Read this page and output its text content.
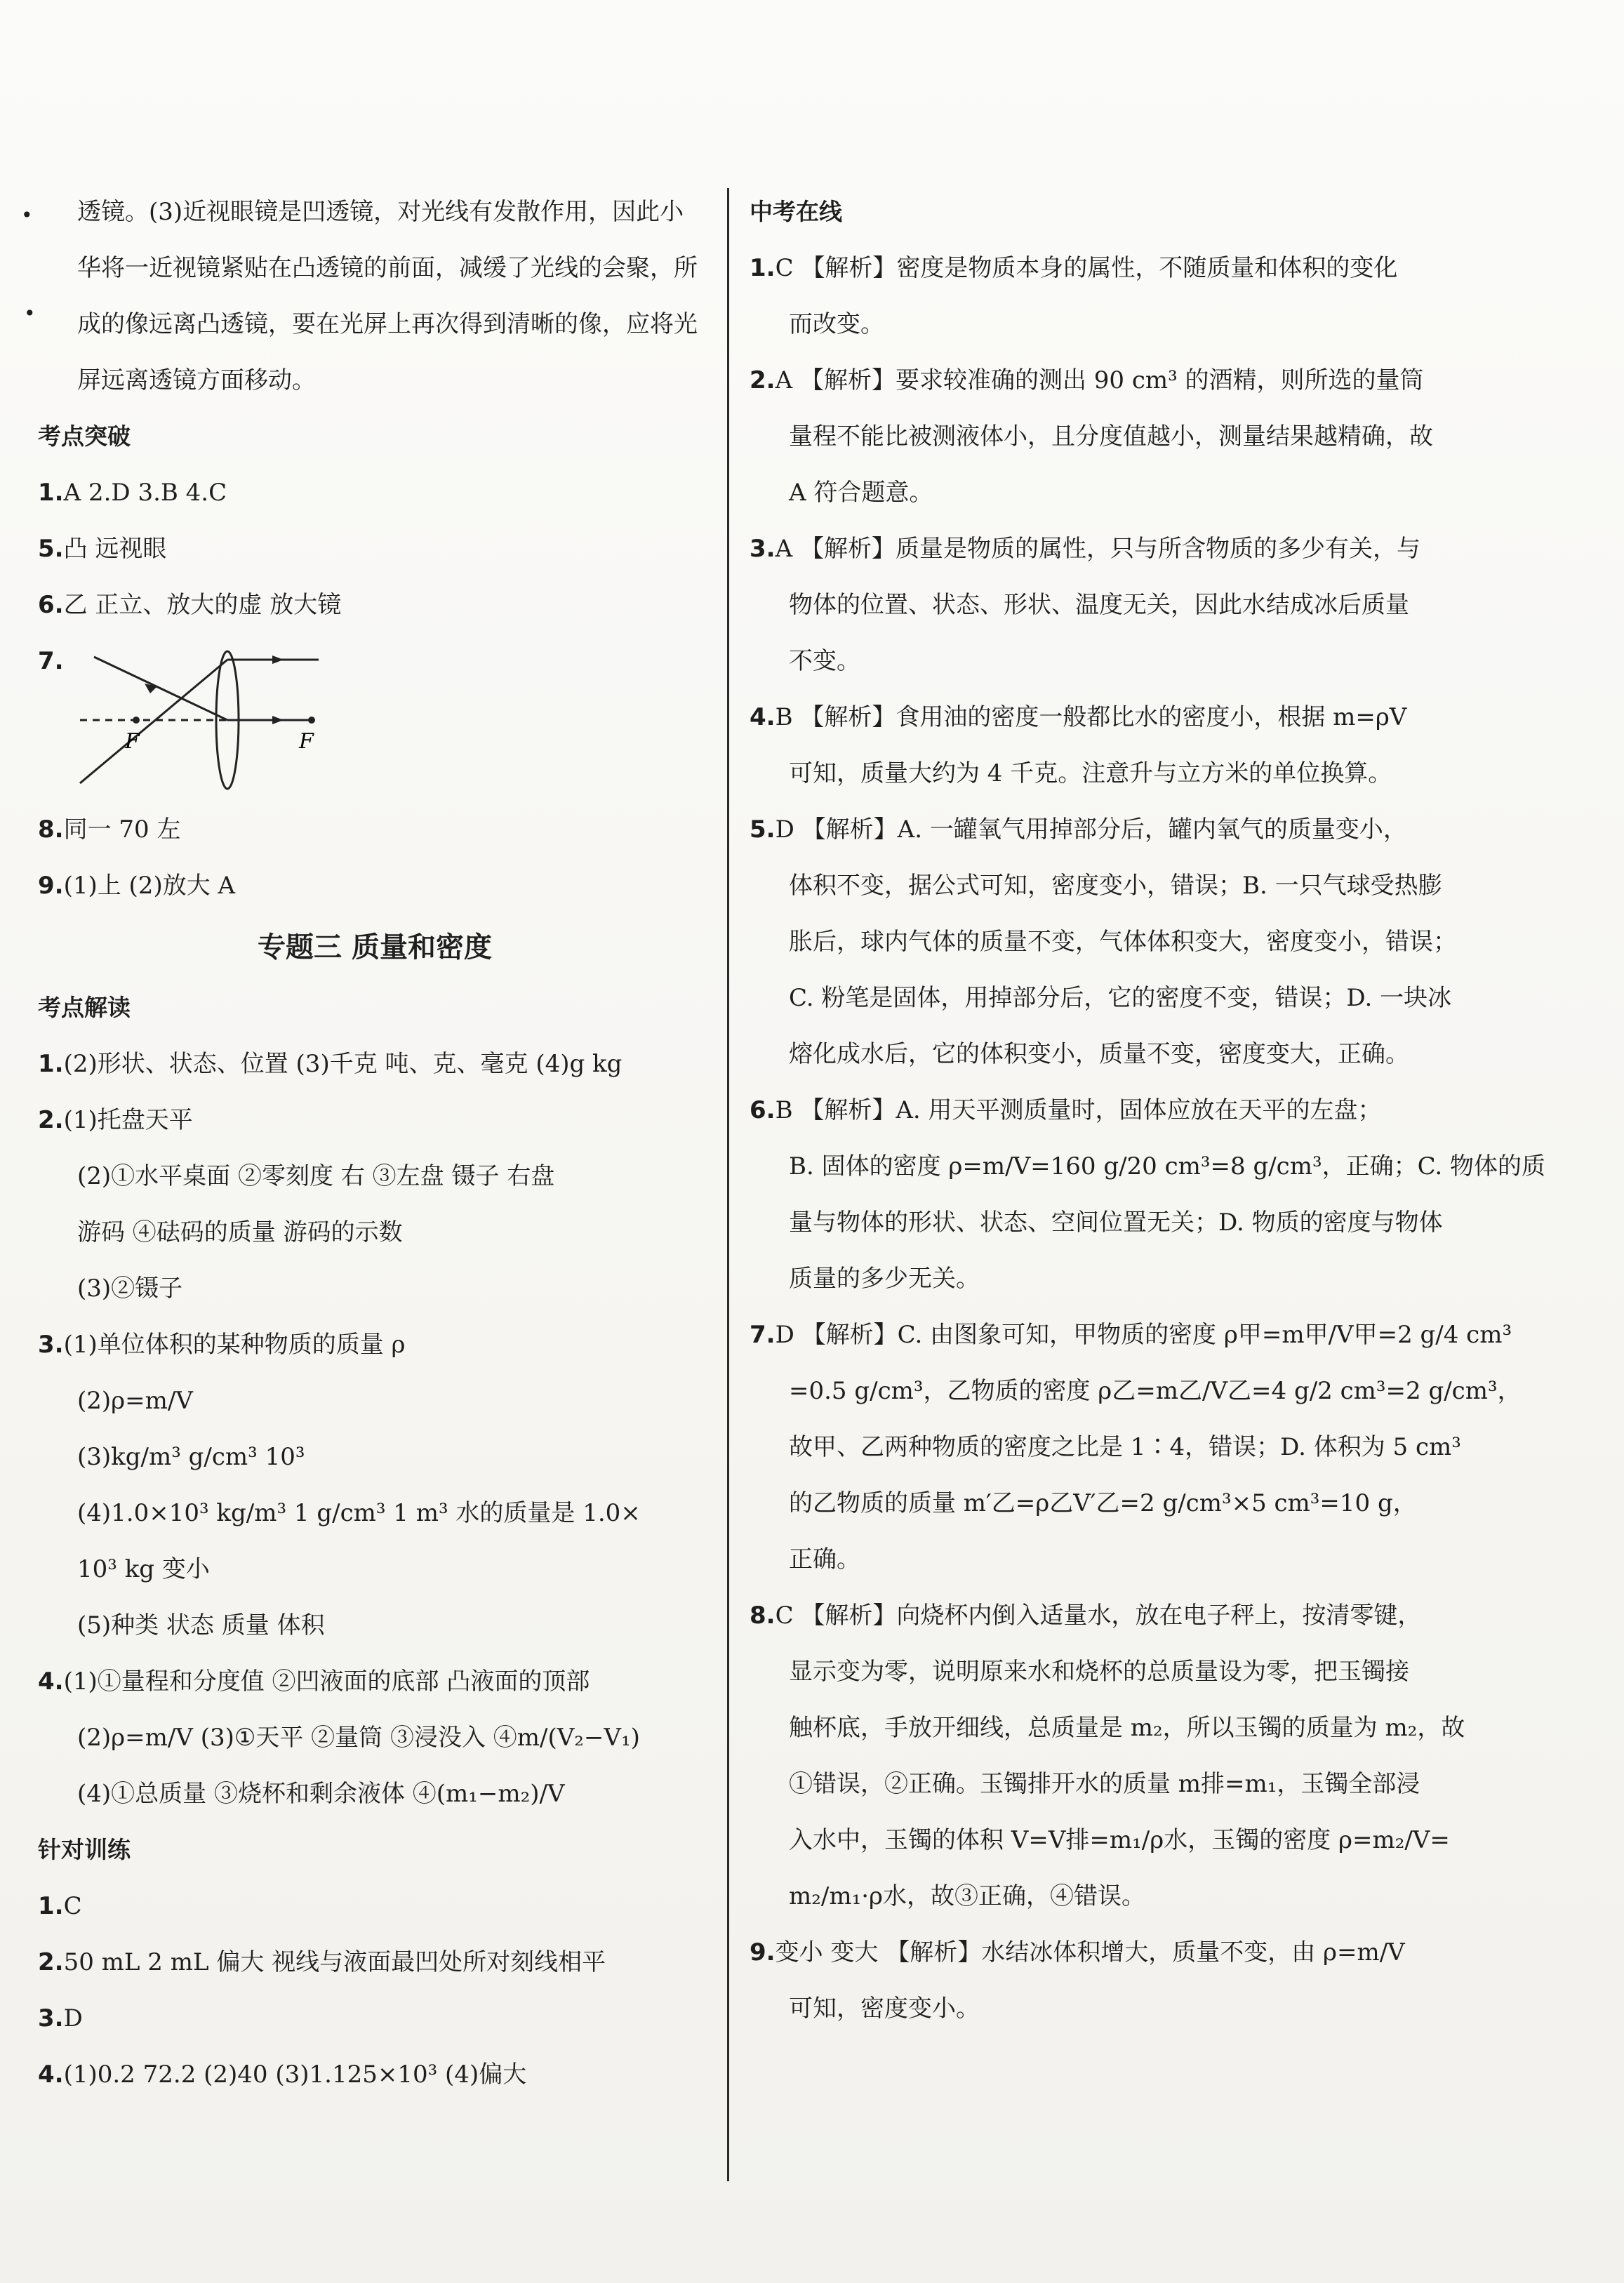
•
•
透镜。(3)近视眼镜是凹透镜，对光线有发散作用，因此小
华将一近视镜紧贴在凸透镜的前面，减缓了光线的会聚，所
成的像远离凸透镜，要在光屏上再次得到清晰的像，应将光
屏远离透镜方面移动。
考点突破
1.A 2.D 3.B 4.C
5.凸 远视眼
6.乙 正立、放大的虚 放大镜
7.
F	F
8.同一 70 左
9.(1)上 (2)放大 A
专题三 质量和密度
考点解读
1.(2)形状、状态、位置 (3)千克 吨、克、毫克 (4)g kg
2.(1)托盘天平
(2)①水平桌面 ②零刻度 右 ③左盘 镊子 右盘
游码 ④砝码的质量 游码的示数
(3)②镊子
3.(1)单位体积的某种物质的质量 ρ
(2)ρ=m/V
(3)kg/m³ g/cm³ 10³
(4)1.0×10³ kg/m³ 1 g/cm³ 1 m³ 水的质量是 1.0×
10³ kg 变小
(5)种类 状态 质量 体积
4.(1)①量程和分度值 ②凹液面的底部 凸液面的顶部
(2)ρ=m/V (3)①天平 ②量筒 ③浸没入 ④m/(V₂−V₁)
(4)①总质量 ③烧杯和剩余液体 ④(m₁−m₂)/V
针对训练
1.C
2.50 mL 2 mL 偏大 视线与液面最凹处所对刻线相平
3.D
4.(1)0.2 72.2 (2)40 (3)1.125×10³ (4)偏大
中考在线
1.C 【解析】密度是物质本身的属性，不随质量和体积的变化
而改变。
2.A 【解析】要求较准确的测出 90 cm³ 的酒精，则所选的量筒
量程不能比被测液体小，且分度值越小，测量结果越精确，故
A 符合题意。
3.A 【解析】质量是物质的属性，只与所含物质的多少有关，与
物体的位置、状态、形状、温度无关，因此水结成冰后质量
不变。
4.B 【解析】食用油的密度一般都比水的密度小，根据 m=ρV
可知，质量大约为 4 千克。注意升与立方米的单位换算。
5.D 【解析】A. 一罐氧气用掉部分后，罐内氧气的质量变小，
体积不变，据公式可知，密度变小，错误；B. 一只气球受热膨
胀后，球内气体的质量不变，气体体积变大，密度变小，错误；
C. 粉笔是固体，用掉部分后，它的密度不变，错误；D. 一块冰
熔化成水后，它的体积变小，质量不变，密度变大，正确。
6.B 【解析】A. 用天平测质量时，固体应放在天平的左盘；
B. 固体的密度 ρ=m/V=160 g/20 cm³=8 g/cm³，正确；C. 物体的质
量与物体的形状、状态、空间位置无关；D. 物质的密度与物体
质量的多少无关。
7.D 【解析】C. 由图象可知，甲物质的密度 ρ甲=m甲/V甲=2 g/4 cm³
=0.5 g/cm³，乙物质的密度 ρ乙=m乙/V乙=4 g/2 cm³=2 g/cm³，
故甲、乙两种物质的密度之比是 1∶4，错误；D. 体积为 5 cm³
的乙物质的质量 m′乙=ρ乙V′乙=2 g/cm³×5 cm³=10 g，
正确。
8.C 【解析】向烧杯内倒入适量水，放在电子秤上，按清零键，
显示变为零，说明原来水和烧杯的总质量设为零，把玉镯接
触杯底，手放开细线，总质量是 m₂，所以玉镯的质量为 m₂，故
①错误，②正确。玉镯排开水的质量 m排=m₁，玉镯全部浸
入水中，玉镯的体积 V=V排=m₁/ρ水，玉镯的密度 ρ=m₂/V=
m₂/m₁·ρ水，故③正确，④错误。
9.变小 变大 【解析】水结冰体积增大，质量不变，由 ρ=m/V
可知，密度变小。
